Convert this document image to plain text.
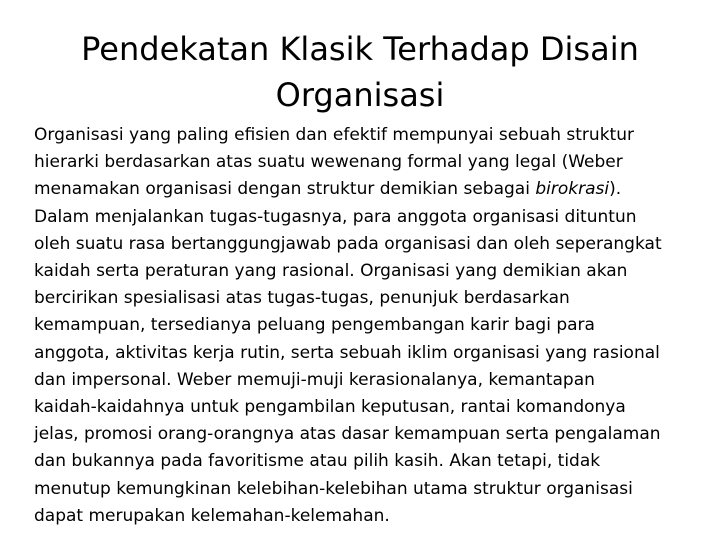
Pendekatan Klasik Terhadap Disain
Organisasi

Organisasi yang paling efisien dan efektif mempunyai sebuah struktur
hierarki berdasarkan atas suatu wewenang formal yang legal (Weber
menamakan organisasi dengan struktur demikian sebagai birokrasi).
Dalam menjalankan tugas-tugasnya, para anggota organisasi dituntun
oleh suatu rasa bertanggungjawab pada organisasi dan oleh seperangkat
kaidah serta peraturan yang rasional. Organisasi yang demikian akan
bercirikan spesialisasi atas tugas-tugas, penunjuk berdasarkan
kemampuan, tersedianya peluang pengembangan karir bagi para
anggota, aktivitas kerja rutin, serta sebuah iklim organisasi yang rasional
dan impersonal. Weber memuji-muji kerasionalanya, kemantapan
kaidah-kaidahnya untuk pengambilan keputusan, rantai komandonya
jelas, promosi orang-orangnya atas dasar kemampuan serta pengalaman
dan bukannya pada favoritisme atau pilih kasih. Akan tetapi, tidak
menutup kemungkinan kelebihan-kelebihan utama struktur organisasi
dapat merupakan kelemahan-kelemahan.
